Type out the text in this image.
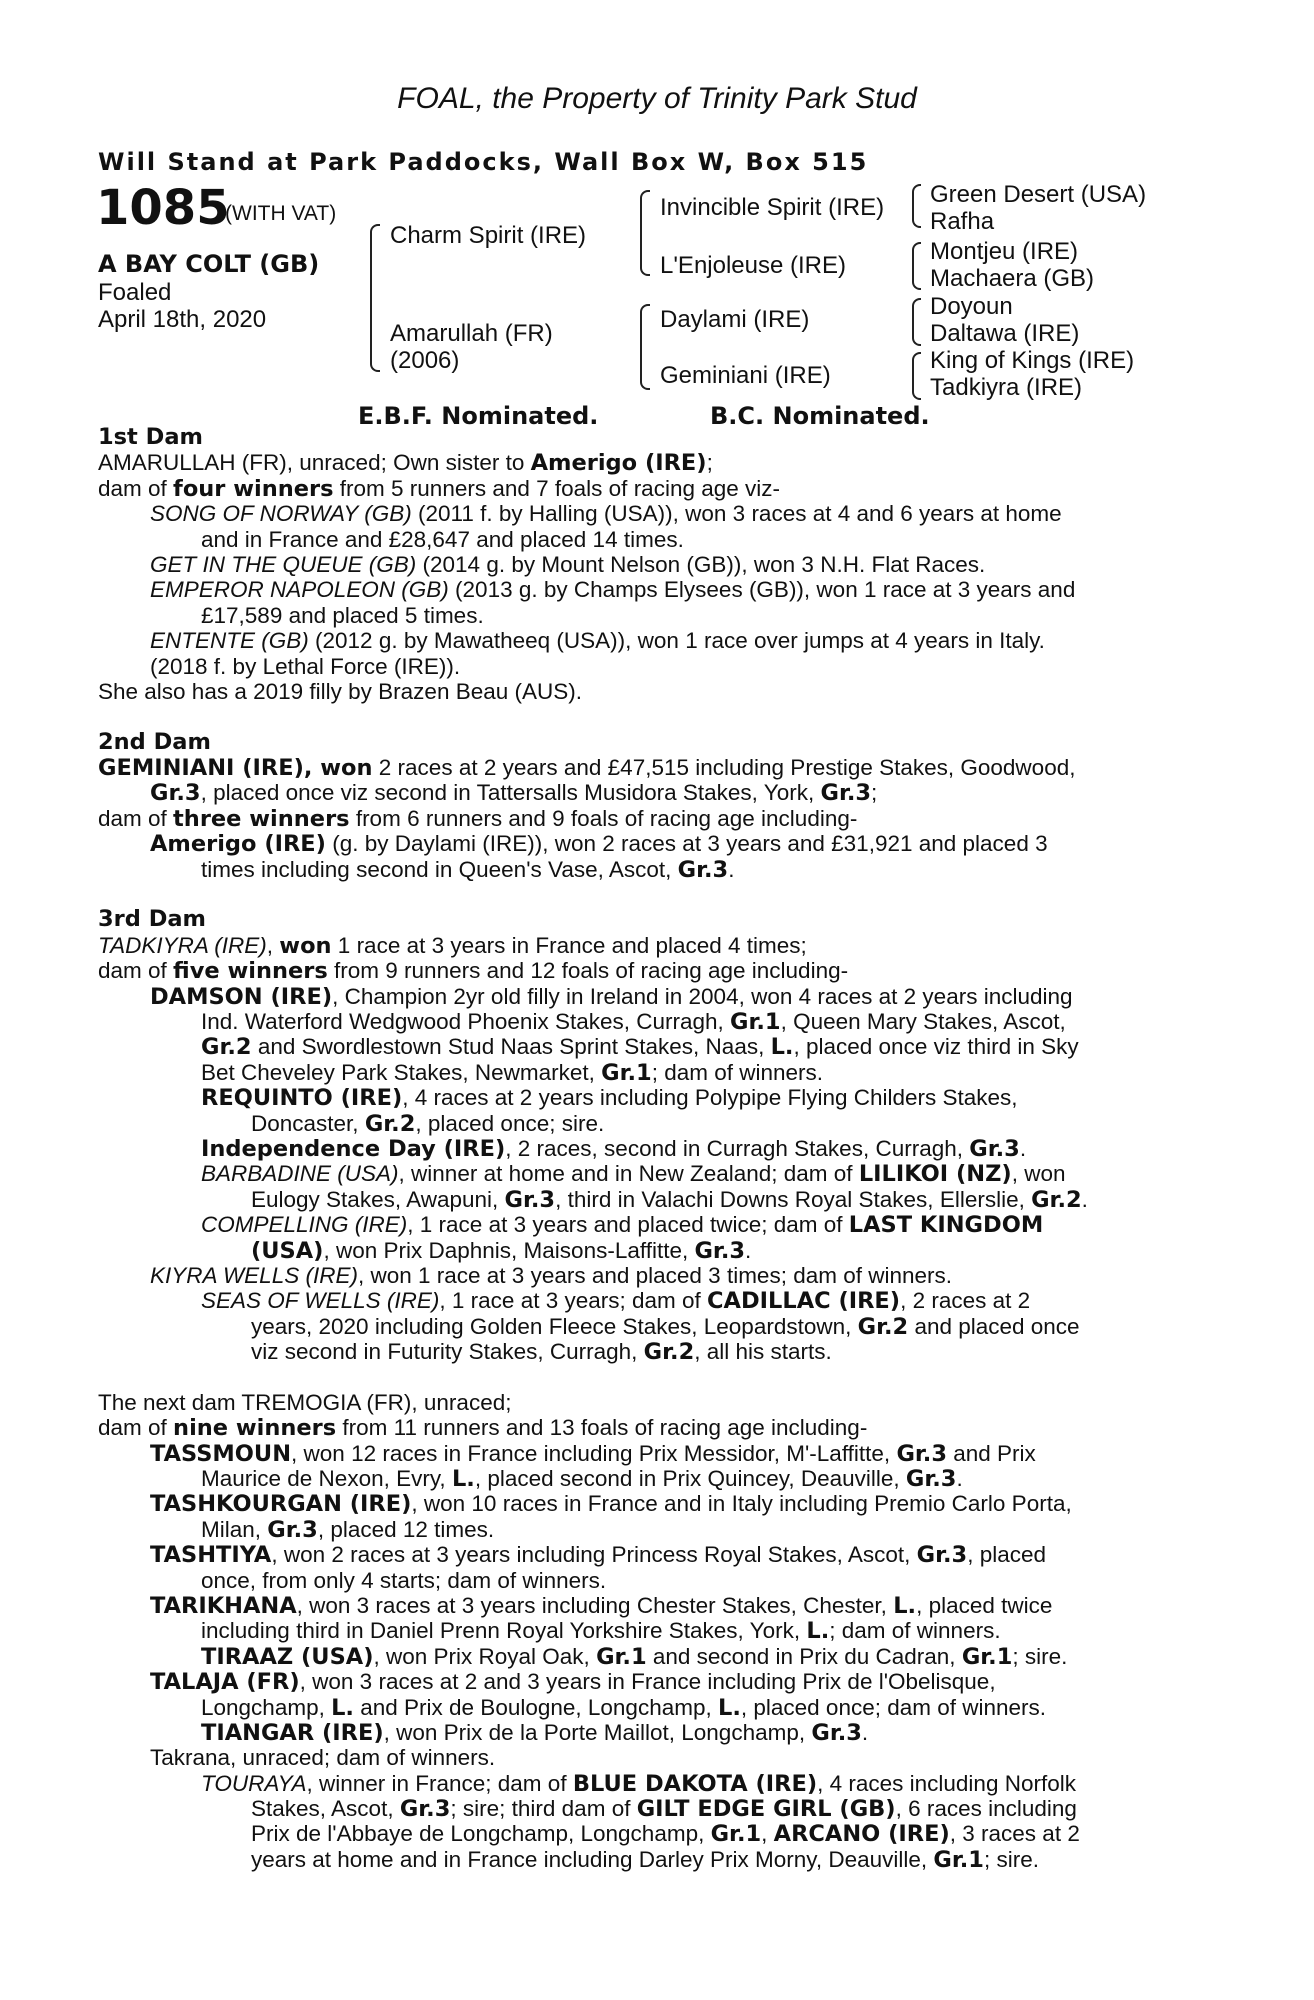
FOAL, the Property of Trinity Park Stud
Will Stand at Park Paddocks, Wall Box W, Box 515
1085
(WITH VAT)
A BAY COLT (GB)
Foaled
April 18th, 2020
Charm Spirit (IRE)
Amarullah (FR)
(2006)
Invincible Spirit (IRE)
L'Enjoleuse (IRE)
Daylami (IRE)
Geminiani (IRE)
Green Desert (USA)
Rafha
Montjeu (IRE)
Machaera (GB)
Doyoun
Daltawa (IRE)
King of Kings (IRE)
Tadkiyra (IRE)
E.B.F. Nominated.	B.C. Nominated.
1st Dam
AMARULLAH (FR), unraced; Own sister to Amerigo (IRE);
dam of four winners from 5 runners and 7 foals of racing age viz-
SONG OF NORWAY (GB) (2011 f. by Halling (USA)), won 3 races at 4 and 6 years at home
and in France and £28,647 and placed 14 times.
GET IN THE QUEUE (GB) (2014 g. by Mount Nelson (GB)), won 3 N.H. Flat Races.
EMPEROR NAPOLEON (GB) (2013 g. by Champs Elysees (GB)), won 1 race at 3 years and
£17,589 and placed 5 times.
ENTENTE (GB) (2012 g. by Mawatheeq (USA)), won 1 race over jumps at 4 years in Italy.
(2018 f. by Lethal Force (IRE)).
She also has a 2019 filly by Brazen Beau (AUS).
2nd Dam
GEMINIANI (IRE), won 2 races at 2 years and £47,515 including Prestige Stakes, Goodwood,
Gr.3, placed once viz second in Tattersalls Musidora Stakes, York, Gr.3;
dam of three winners from 6 runners and 9 foals of racing age including-
Amerigo (IRE) (g. by Daylami (IRE)), won 2 races at 3 years and £31,921 and placed 3
times including second in Queen's Vase, Ascot, Gr.3.
3rd Dam
TADKIYRA (IRE), won 1 race at 3 years in France and placed 4 times;
dam of five winners from 9 runners and 12 foals of racing age including-
DAMSON (IRE), Champion 2yr old filly in Ireland in 2004, won 4 races at 2 years including
Ind. Waterford Wedgwood Phoenix Stakes, Curragh, Gr.1, Queen Mary Stakes, Ascot,
Gr.2 and Swordlestown Stud Naas Sprint Stakes, Naas, L., placed once viz third in Sky
Bet Cheveley Park Stakes, Newmarket, Gr.1; dam of winners.
REQUINTO (IRE), 4 races at 2 years including Polypipe Flying Childers Stakes,
Doncaster, Gr.2, placed once; sire.
Independence Day (IRE), 2 races, second in Curragh Stakes, Curragh, Gr.3.
BARBADINE (USA), winner at home and in New Zealand; dam of LILIKOI (NZ), won
Eulogy Stakes, Awapuni, Gr.3, third in Valachi Downs Royal Stakes, Ellerslie, Gr.2.
COMPELLING (IRE), 1 race at 3 years and placed twice; dam of LAST KINGDOM
(USA), won Prix Daphnis, Maisons-Laffitte, Gr.3.
KIYRA WELLS (IRE), won 1 race at 3 years and placed 3 times; dam of winners.
SEAS OF WELLS (IRE), 1 race at 3 years; dam of CADILLAC (IRE), 2 races at 2
years, 2020 including Golden Fleece Stakes, Leopardstown, Gr.2 and placed once
viz second in Futurity Stakes, Curragh, Gr.2, all his starts.
The next dam TREMOGIA (FR), unraced;
dam of nine winners from 11 runners and 13 foals of racing age including-
TASSMOUN, won 12 races in France including Prix Messidor, M'-Laffitte, Gr.3 and Prix
Maurice de Nexon, Evry, L., placed second in Prix Quincey, Deauville, Gr.3.
TASHKOURGAN (IRE), won 10 races in France and in Italy including Premio Carlo Porta,
Milan, Gr.3, placed 12 times.
TASHTIYA, won 2 races at 3 years including Princess Royal Stakes, Ascot, Gr.3, placed
once, from only 4 starts; dam of winners.
TARIKHANA, won 3 races at 3 years including Chester Stakes, Chester, L., placed twice
including third in Daniel Prenn Royal Yorkshire Stakes, York, L.; dam of winners.
TIRAAZ (USA), won Prix Royal Oak, Gr.1 and second in Prix du Cadran, Gr.1; sire.
TALAJA (FR), won 3 races at 2 and 3 years in France including Prix de l'Obelisque,
Longchamp, L. and Prix de Boulogne, Longchamp, L., placed once; dam of winners.
TIANGAR (IRE), won Prix de la Porte Maillot, Longchamp, Gr.3.
Takrana, unraced; dam of winners.
TOURAYA, winner in France; dam of BLUE DAKOTA (IRE), 4 races including Norfolk
Stakes, Ascot, Gr.3; sire; third dam of GILT EDGE GIRL (GB), 6 races including
Prix de l'Abbaye de Longchamp, Longchamp, Gr.1, ARCANO (IRE), 3 races at 2
years at home and in France including Darley Prix Morny, Deauville, Gr.1; sire.
